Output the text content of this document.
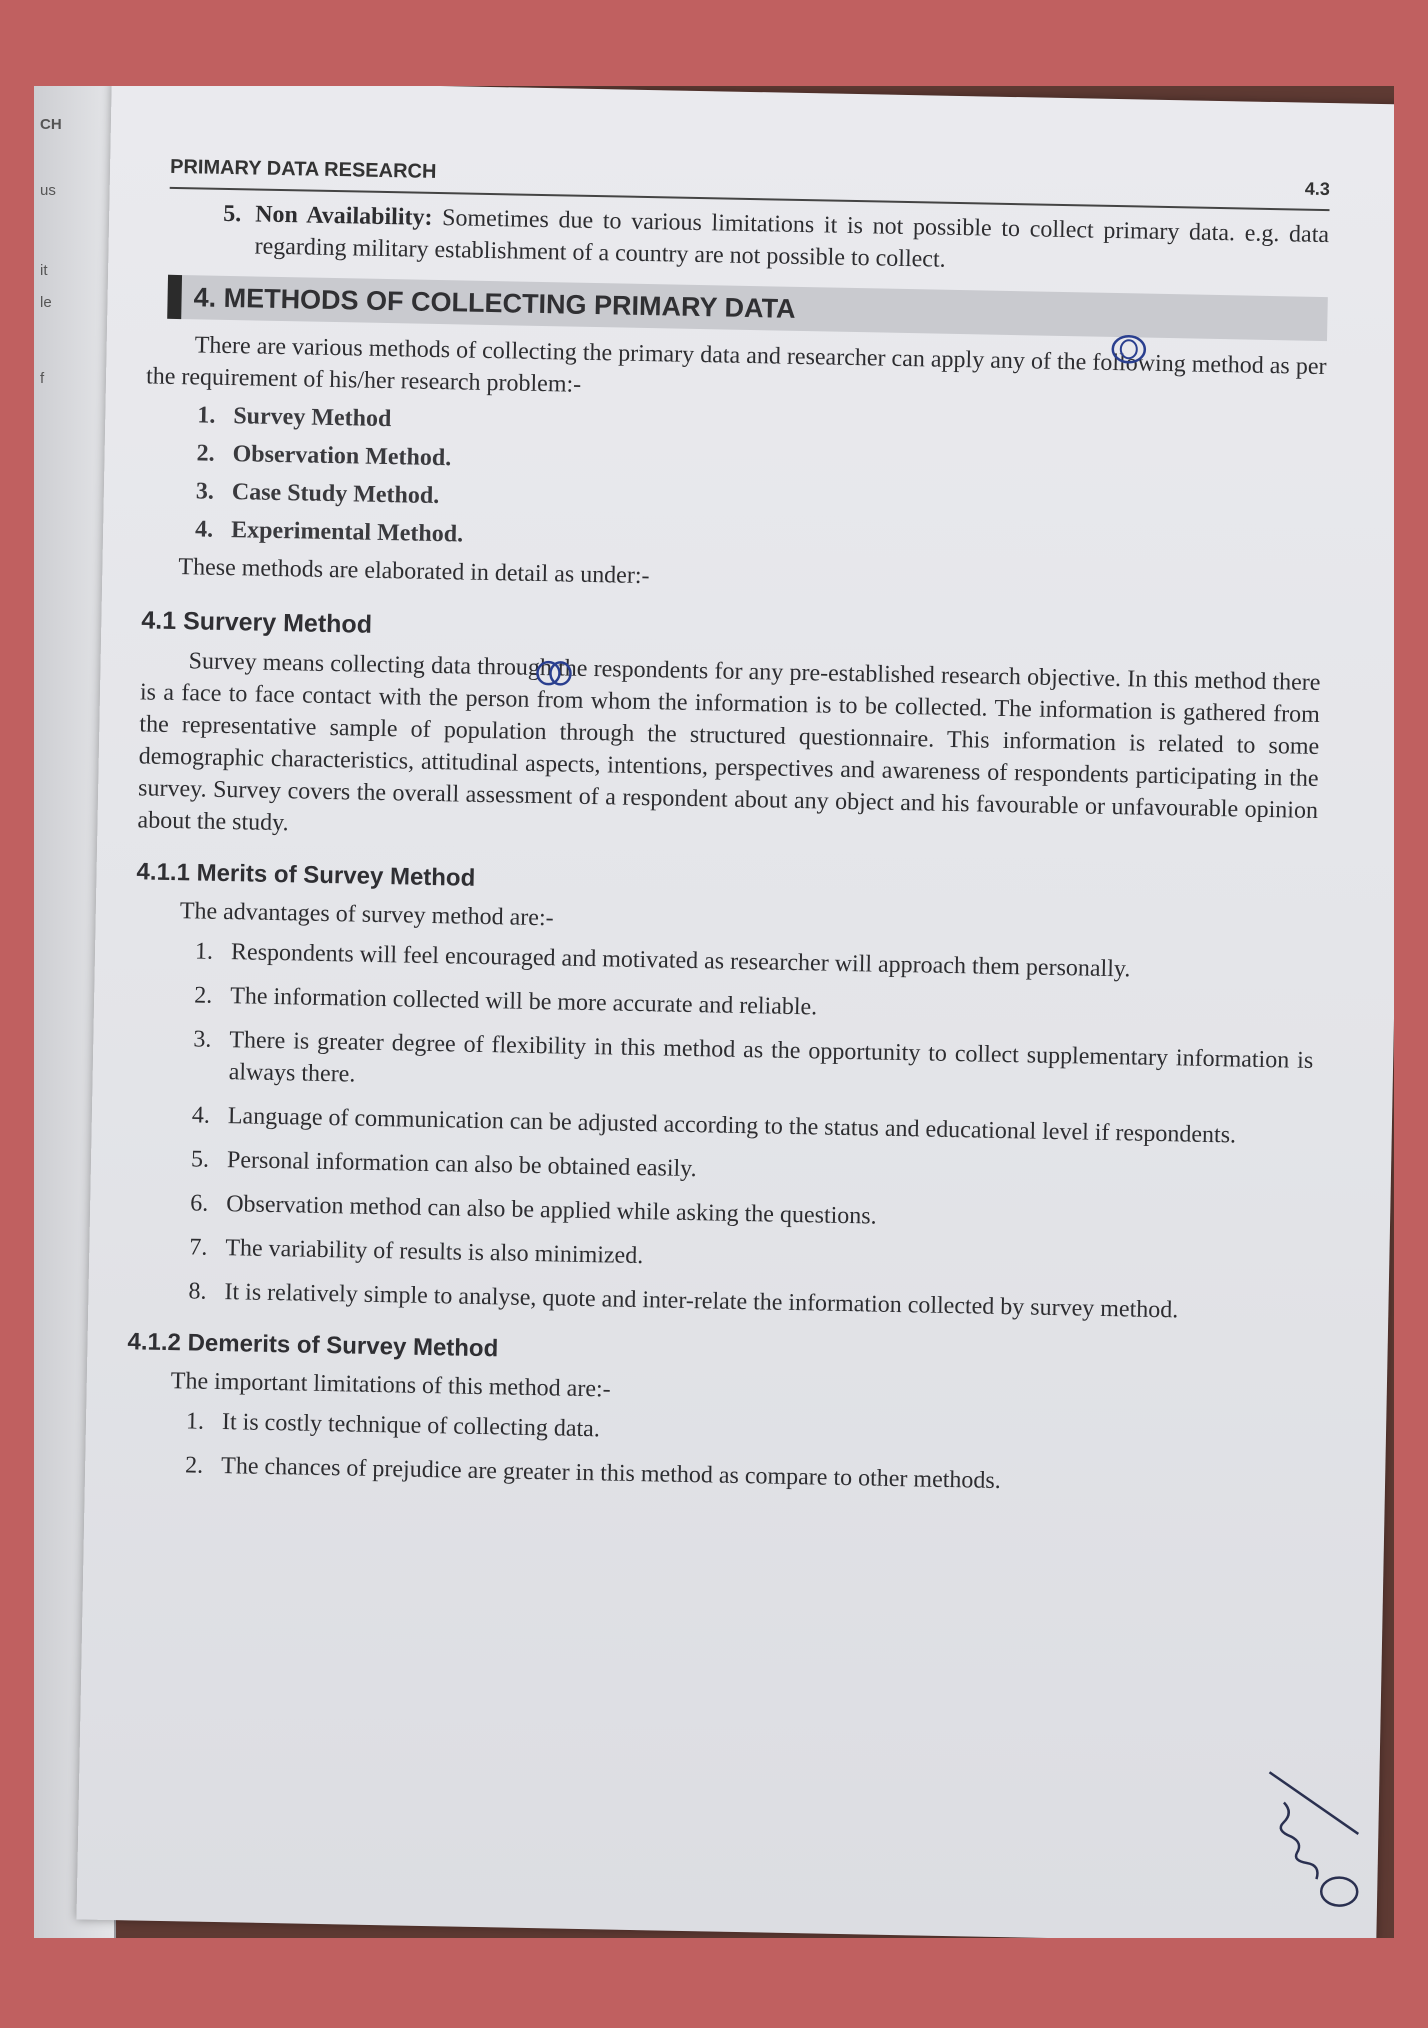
CH
us
it
le
f
PRIMARY DATA RESEARCH
4.3
5. Non Availability: Sometimes due to various limitations it is not possible to collect primary data. e.g. data regarding military establishment of a country are not possible to collect.

4. METHODS OF COLLECTING PRIMARY DATA

There are various methods of collecting the primary data and researcher can apply any of the following method as per the requirement of his/her research problem:-

1. Survey Method
2. Observation Method.
3. Case Study Method.
4. Experimental Method.

These methods are elaborated in detail as under:-

4.1 Survery Method

Survey means collecting data through the respondents for any pre-established research objective. In this method there is a face to face contact with the person from whom the information is to be collected. The information is gathered from the representative sample of population through the structured questionnaire. This information is related to some demographic characteristics, attitudinal aspects, intentions, perspectives and awareness of respondents participating in the survey. Survey covers the overall assessment of a respondent about any object and his favourable or unfavourable opinion about the study.

4.1.1 Merits of Survey Method

The advantages of survey method are:-

1. Respondents will feel encouraged and motivated as researcher will approach them personally.
2. The information collected will be more accurate and reliable.
3. There is greater degree of flexibility in this method as the opportunity to collect supplementary information is always there.
4. Language of communication can be adjusted according to the status and educational level if respondents.
5. Personal information can also be obtained easily.
6. Observation method can also be applied while asking the questions.
7. The variability of results is also minimized.
8. It is relatively simple to analyse, quote and inter-relate the information collected by survey method.
4.1.2 Demerits of Survey Method

The important limitations of this method are:-

1. It is costly technique of collecting data.
2. The chances of prejudice are greater in this method as compare to other methods.
